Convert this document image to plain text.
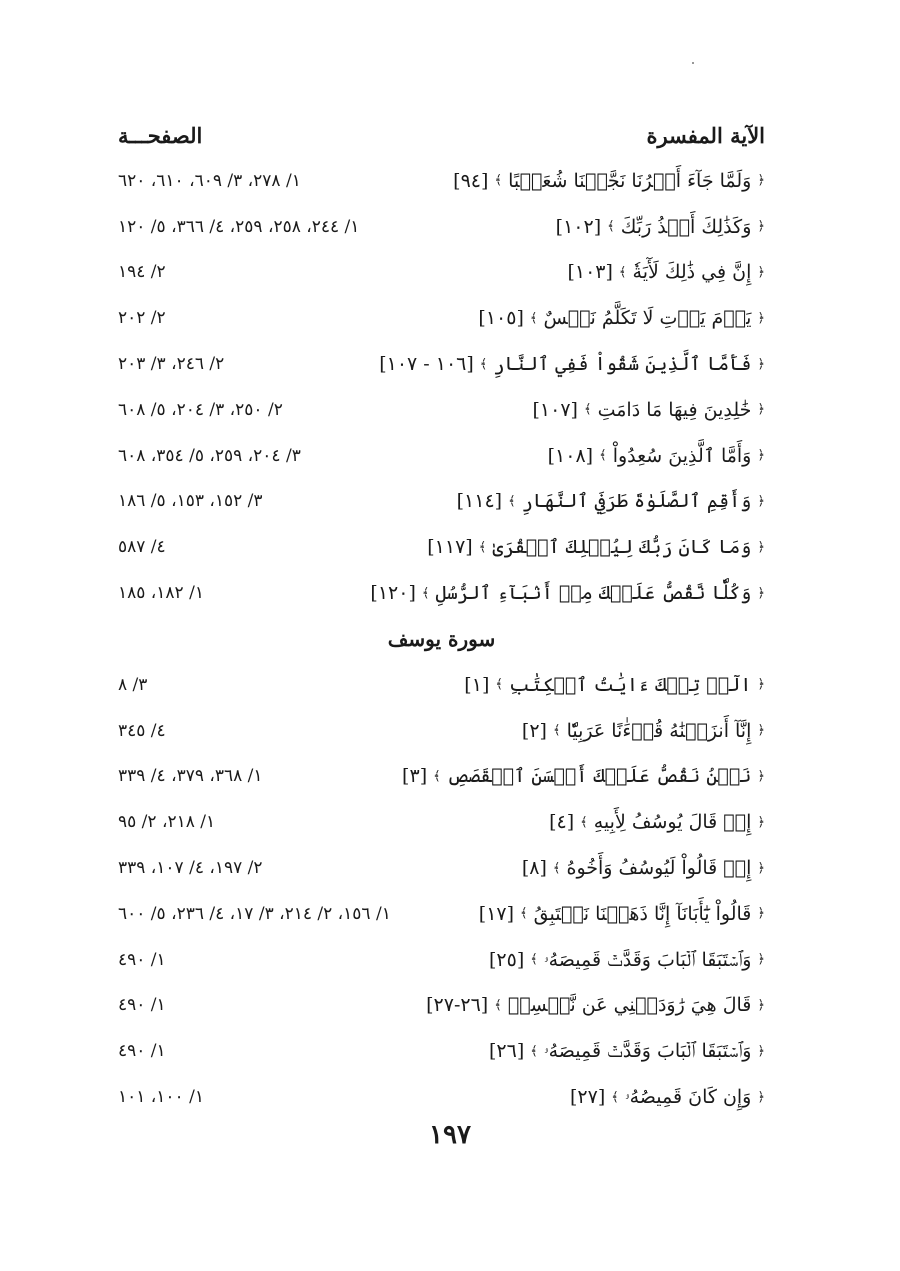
الآية المفسرة
الصفحـــة
﴿
وَلَمَّا جَآءَ أَمۡرُنَا نَجَّيۡنَا شُعَيۡبًا
﴾
[٩٤]
١/ ٢٧٨، ٣/ ٦٠٩، ٦١٠، ٦٢٠
﴿
وَكَذَٰلِكَ أَخۡذُ رَبِّكَ
﴾
[١٠٢]
١/ ٢٤٤، ٢٥٨، ٢٥٩، ٤/ ٣٦٦، ٥/ ١٢٠
﴿
إِنَّ فِي ذَٰلِكَ لَأٓيَةٗ
﴾
[١٠٣]
٢/ ١٩٤
﴿
يَوۡمَ يَأۡتِ لَا تَكَلَّمُ نَفۡسٌ
﴾
[١٠٥]
٢/ ٢٠٢
﴿
فَأَمَّا ٱلَّذِينَ شَقُواْ فَفِي ٱلنَّارِ
﴾
[١٠٦ - ١٠٧]
٢/ ٢٤٦، ٣/ ٢٠٣
﴿
خَٰلِدِينَ فِيهَا مَا دَامَتِ
﴾
[١٠٧]
٢/ ٢٥٠، ٣/ ٢٠٤، ٥/ ٦٠٨
﴿
وَأَمَّا ٱلَّذِينَ سُعِدُواْ
﴾
[١٠٨]
٣/ ٢٠٤، ٢٥٩، ٥/ ٣٥٤، ٦٠٨
﴿
وَأَقِمِ ٱلصَّلَوٰةَ طَرَفَيِ ٱلنَّهَارِ
﴾
[١١٤]
٣/ ١٥٢، ١٥٣، ٥/ ١٨٦
﴿
وَمَا كَانَ رَبُّكَ لِيُهۡلِكَ ٱلۡقُرَىٰ
﴾
[١١٧]
٤/ ٥٨٧
﴿
وَكُلّٗا نَّقُصُّ عَلَيۡكَ مِنۡ أَنۢبَآءِ ٱلرُّسُلِ
﴾
[١٢٠]
١/ ١٨٢، ١٨٥
سورة يوسف
﴿
الٓرۚ تِلۡكَ ءَايَٰتُ ٱلۡكِتَٰبِ
﴾
[١]
٣/ ٨
﴿
إِنَّآ أَنزَلۡنَٰهُ قُرۡءَٰنًا عَرَبِيّٗا
﴾
[٢]
٤/ ٣٤٥
﴿
نَحۡنُ نَقُصُّ عَلَيۡكَ أَحۡسَنَ ٱلۡقَصَصِ
﴾
[٣]
١/ ٣٦٨، ٣٧٩، ٤/ ٣٣٩
﴿
إِذۡ قَالَ يُوسُفُ لِأَبِيهِ
﴾
[٤]
١/ ٢١٨، ٢/ ٩٥
﴿
إِذۡ قَالُواْ لَيُوسُفُ وَأَخُوهُ
﴾
[٨]
٢/ ١٩٧، ٤/ ١٠٧، ٣٣٩
﴿
قَالُواْ يَٰٓأَبَانَآ إِنَّا ذَهَبۡنَا نَسۡتَبِقُ
﴾
[١٧]
١/ ١٥٦، ٢/ ٢١٤، ٣/ ١٧، ٤/ ٢٣٦، ٥/ ٦٠٠
﴿
وَٱسۡتَبَقَا ٱلۡبَابَ وَقَدَّتۡ قَمِيصَهُۥ
﴾
[٢٥]
١/ ٤٩٠
﴿
قَالَ هِيَ رَٰوَدَتۡنِي عَن نَّفۡسِيۚ
﴾
[٢٦-٢٧]
١/ ٤٩٠
﴿
وَٱسۡتَبَقَا ٱلۡبَابَ وَقَدَّتۡ قَمِيصَهُۥ
﴾
[٢٦]
١/ ٤٩٠
﴿
وَإِن كَانَ قَمِيصُهُۥ
﴾
[٢٧]
١/ ١٠٠، ١٠١
١٩٧
